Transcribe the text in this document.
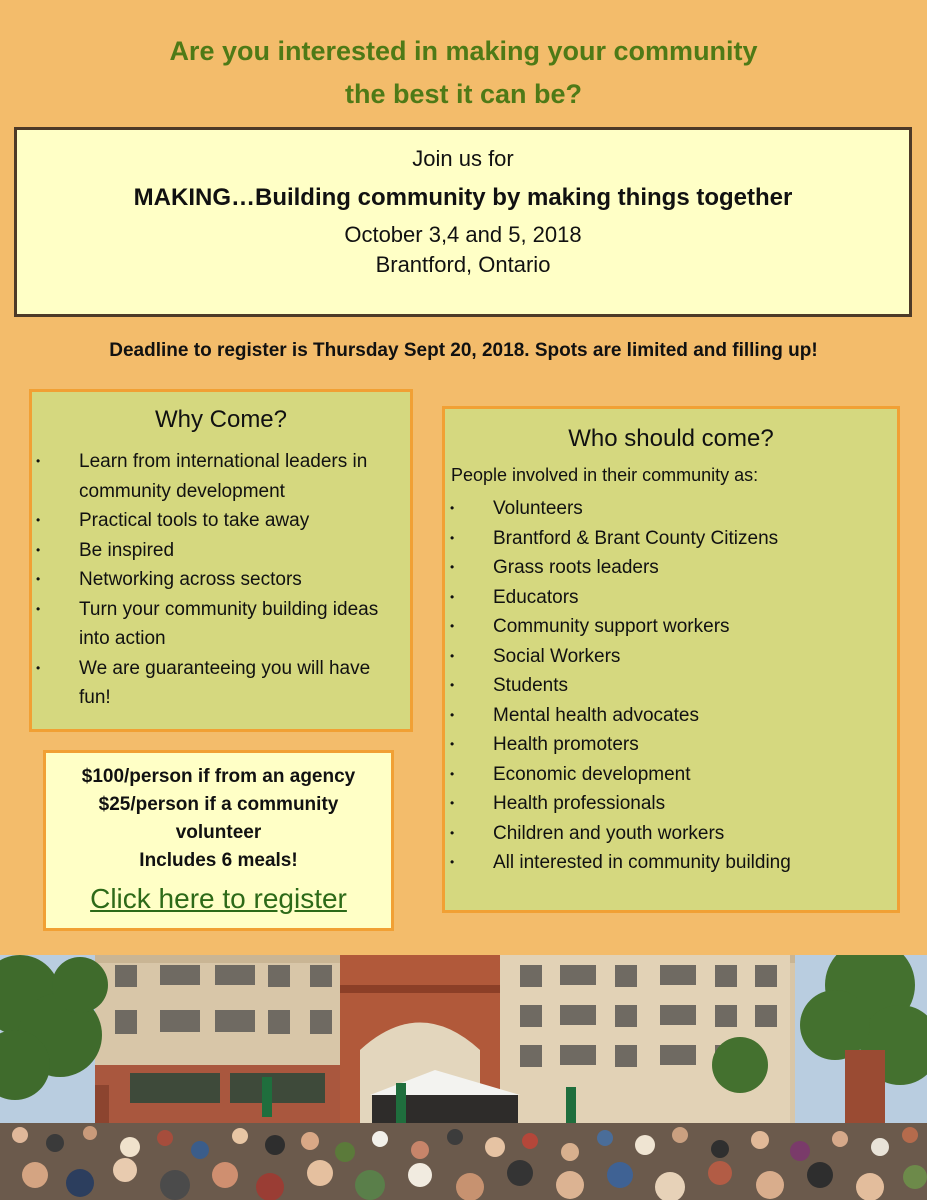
Are you interested in making your community
the best it can be?
Join us for
MAKING…Building community by making things together
October 3,4 and 5, 2018
Brantford, Ontario
Deadline to register is Thursday Sept 20, 2018. Spots are limited and filling up!
Why Come?
• Learn from international leaders in community development
• Practical tools to take away
• Be inspired
• Networking across sectors
• Turn your community building ideas into action
• We are guaranteeing you will have fun!
Who should come?
People involved in their community as:
• Volunteers
• Brantford & Brant County Citizens
• Grass roots leaders
• Educators
• Community support workers
• Social Workers
• Students
• Mental health advocates
• Health promoters
• Economic development
• Health professionals
• Children and youth workers
• All interested in community building
$100/person if from an agency
$25/person if a community
volunteer
Includes 6 meals!
Click here to register
